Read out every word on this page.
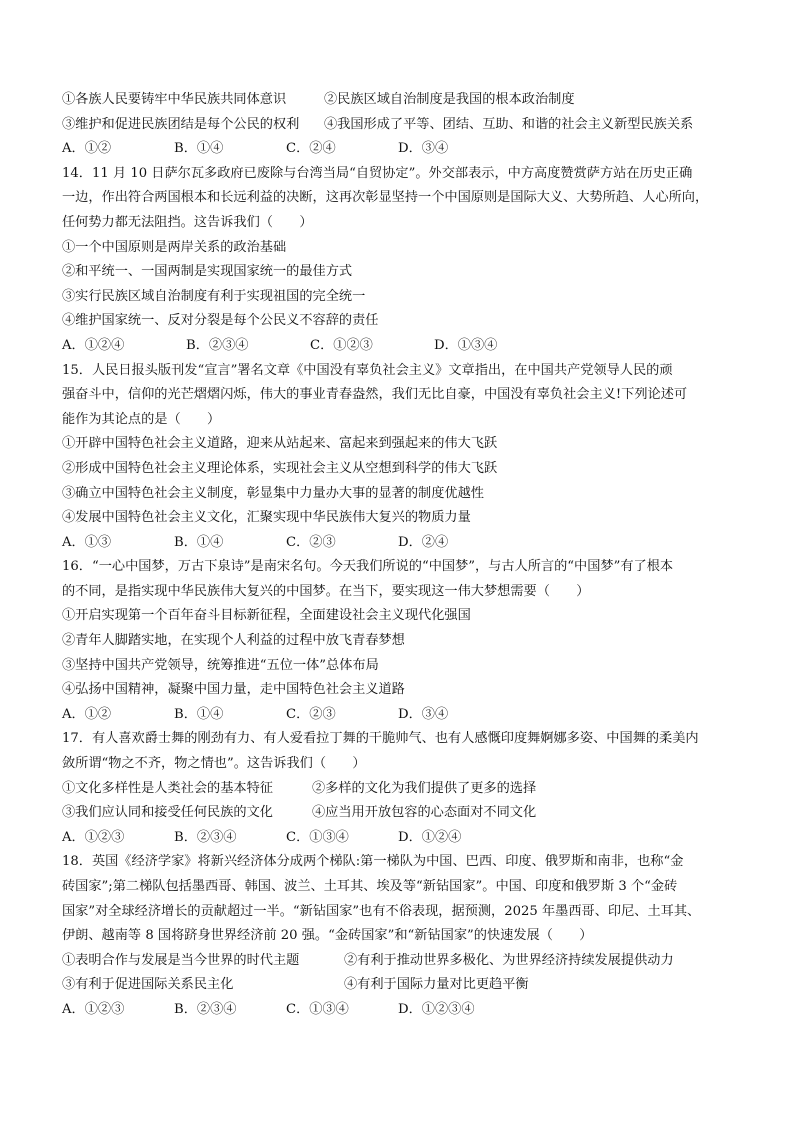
①各族人民要铸牢中华民族共同体意识	②民族区域自治制度是我国的根本政治制度
③维护和促进民族团结是每个公民的权利	④我国形成了平等、团结、互助、和谐的社会主义新型民族关系
A．①②	B．①④	C．②④	D．③④
14．11 月 10 日萨尔瓦多政府已废除与台湾当局“自贸协定”。外交部表示，中方高度赞赏萨方站在历史正确
一边，作出符合两国根本和长远利益的决断，这再次彰显坚持一个中国原则是国际大义、大势所趋、人心所向，
任何势力都无法阻挡。这告诉我们（　　）
①一个中国原则是两岸关系的政治基础
②和平统一、一国两制是实现国家统一的最佳方式
③实行民族区域自治制度有利于实现祖国的完全统一
④维护国家统一、反对分裂是每个公民义不容辞的责任
A．①②④	B．②③④	C．①②③	D．①③④
15．人民日报头版刊发“宣言”署名文章《中国没有辜负社会主义》文章指出，在中国共产党领导人民的顽
强奋斗中，信仰的光芒熠熠闪烁，伟大的事业青春盎然，我们无比自豪，中国没有辜负社会主义!下列论述可
能作为其论点的是（　　）
①开辟中国特色社会主义道路，迎来从站起来、富起来到强起来的伟大飞跃
②形成中国特色社会主义理论体系，实现社会主义从空想到科学的伟大飞跃
③确立中国特色社会主义制度，彰显集中力量办大事的显著的制度优越性
④发展中国特色社会主义文化，汇聚实现中华民族伟大复兴的物质力量
A．①③	B．①④	C．②③	D．②④
16．“一心中国梦，万古下泉诗”是南宋名句。今天我们所说的“中国梦”，与古人所言的“中国梦”有了根本
的不同，是指实现中华民族伟大复兴的中国梦。在当下，要实现这一伟大梦想需要（　　）
①开启实现第一个百年奋斗目标新征程，全面建设社会主义现代化强国
②青年人脚踏实地，在实现个人利益的过程中放飞青春梦想
③坚持中国共产党领导，统筹推进“五位一体”总体布局
④弘扬中国精神，凝聚中国力量，走中国特色社会主义道路
A．①②	B．①④	C．②③	D．③④
17．有人喜欢爵士舞的刚劲有力、有人爱看拉丁舞的干脆帅气、也有人感慨印度舞婀娜多姿、中国舞的柔美内
敛所谓“物之不齐，物之情也”。这告诉我们（　　）
①文化多样性是人类社会的基本特征	②多样的文化为我们提供了更多的选择
③我们应认同和接受任何民族的文化	④应当用开放包容的心态面对不同文化
A．①②③	B．②③④	C．①③④	D．①②④
18．英国《经济学家》将新兴经济体分成两个梯队:第一梯队为中国、巴西、印度、俄罗斯和南非，也称“金
砖国家”;第二梯队包括墨西哥、韩国、波兰、土耳其、埃及等“新钻国家”。中国、印度和俄罗斯 3 个“金砖
国家”对全球经济增长的贡献超过一半。“新钻国家”也有不俗表现，据预测，2025 年墨西哥、印尼、土耳其、
伊朗、越南等 8 国将跻身世界经济前 20 强。“金砖国家”和“新钻国家”的快速发展（　　）
①表明合作与发展是当今世界的时代主题	②有利于推动世界多极化、为世界经济持续发展提供动力
③有利于促进国际关系民主化	④有利于国际力量对比更趋平衡
A．①②③	B．②③④	C．①③④	D．①②③④
